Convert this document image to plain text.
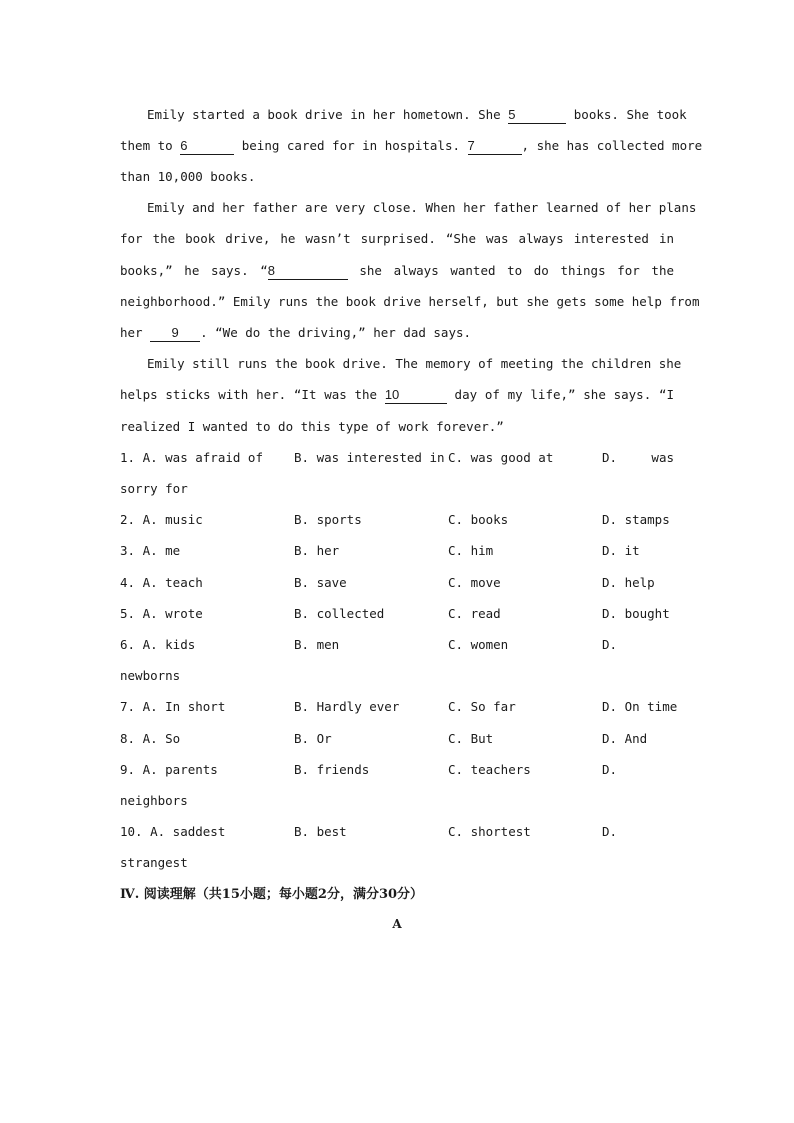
Emily started a book drive in her hometown. She 5	books. She took
them to 6	being cared for in hospitals. 7	, she has collected more
than 10,000 books.
Emily and her father are very close. When her father learned of her plans
for the book drive, he wasn’t surprised. “She was always interested in
books,” he says. “8	she always wanted to do things for the
neighborhood.” Emily runs the book drive herself, but she gets some help from
her 9 . “We do the driving,” her dad says.
Emily still runs the book drive. The memory of meeting the children she
helps sticks with her. “It was the 10	day of my life,” she says. “I
realized I wanted to do this type of work forever.”
1. A. was afraid of B. was interested in C. was good at	D. was
sorry for
2. A. music	B. sports	C. books	D. stamps
3. A. me	B. her	C. him	D. it
4. A. teach	B. save	C. move	D. help
5. A. wrote	B. collected	C. read	D. bought
6. A. kids	B. men	C. women	D.
newborns
7. A. In short	B. Hardly ever	C. So far	D. On time
8. A. So	B. Or	C. But	D. And
9. A. parents	B. friends	C. teachers	D.
neighbors
10. A. saddest	B. best	C. shortest	D.
strangest
Ⅳ. 阅读理解（共15小题；每小题2分，满分30分）
A
